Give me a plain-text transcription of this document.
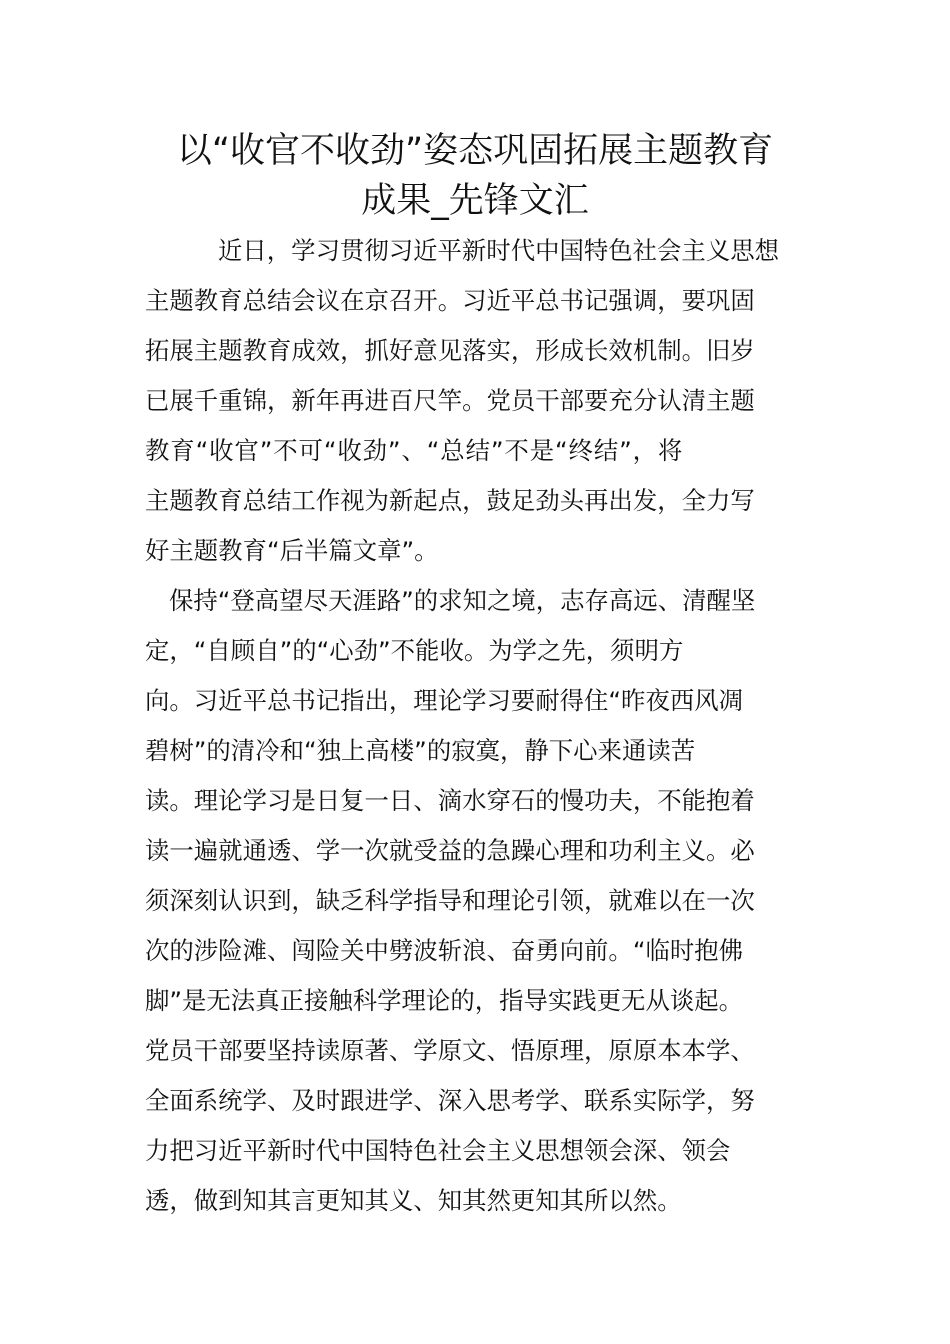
以“收官不收劲”姿态巩固拓展主题教育
成果_先锋文汇
近日，学习贯彻习近平新时代中国特色社会主义思想
主题教育总结会议在京召开。习近平总书记强调，要巩固
拓展主题教育成效，抓好意见落实，形成长效机制。旧岁
已展千重锦，新年再进百尺竿。党员干部要充分认清主题
教育“收官”不可“收劲”、“总结”不是“终结”，将
主题教育总结工作视为新起点，鼓足劲头再出发，全力写
好主题教育“后半篇文章”。
保持“登高望尽天涯路”的求知之境，志存高远、清醒坚
定，“自顾自”的“心劲”不能收。为学之先，须明方
向。习近平总书记指出，理论学习要耐得住“昨夜西风凋
碧树”的清冷和“独上高楼”的寂寞，静下心来通读苦
读。理论学习是日复一日、滴水穿石的慢功夫，不能抱着
读一遍就通透、学一次就受益的急躁心理和功利主义。必
须深刻认识到，缺乏科学指导和理论引领，就难以在一次
次的涉险滩、闯险关中劈波斩浪、奋勇向前。“临时抱佛
脚”是无法真正接触科学理论的，指导实践更无从谈起。
党员干部要坚持读原著、学原文、悟原理，原原本本学、
全面系统学、及时跟进学、深入思考学、联系实际学，努
力把习近平新时代中国特色社会主义思想领会深、领会
透，做到知其言更知其义、知其然更知其所以然。
